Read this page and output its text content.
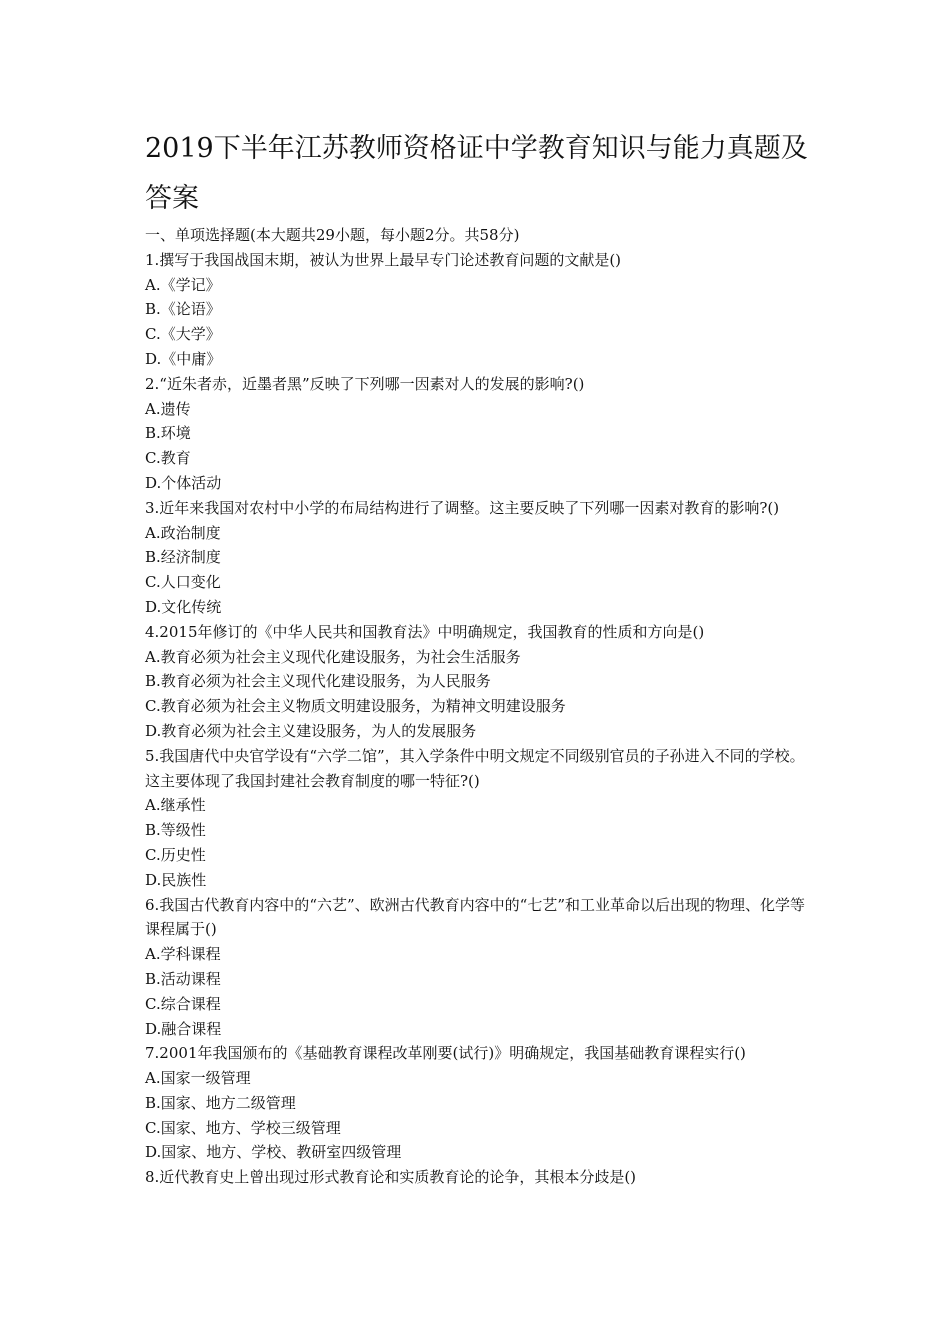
2019下半年江苏教师资格证中学教育知识与能力真题及答案
一、单项选择题(本大题共29小题，每小题2分。共58分)
1.撰写于我国战国末期，被认为世界上最早专门论述教育问题的文献是()
A.《学记》
B.《论语》
C.《大学》
D.《中庸》
2.“近朱者赤，近墨者黑”反映了下列哪一因素对人的发展的影响?()
A.遗传
B.环境
C.教育
D.个体活动
3.近年来我国对农村中小学的布局结构进行了调整。这主要反映了下列哪一因素对教育的影响?()
A.政治制度
B.经济制度
C.人口变化
D.文化传统
4.2015年修订的《中华人民共和国教育法》中明确规定，我国教育的性质和方向是()
A.教育必须为社会主义现代化建设服务，为社会生活服务
B.教育必须为社会主义现代化建设服务，为人民服务
C.教育必须为社会主义物质文明建设服务，为精神文明建设服务
D.教育必须为社会主义建设服务，为人的发展服务
5.我国唐代中央官学设有“六学二馆”，其入学条件中明文规定不同级别官员的子孙进入不同的学校。这主要体现了我国封建社会教育制度的哪一特征?()
A.继承性
B.等级性
C.历史性
D.民族性
6.我国古代教育内容中的“六艺”、欧洲古代教育内容中的“七艺”和工业革命以后出现的物理、化学等课程属于()
A.学科课程
B.活动课程
C.综合课程
D.融合课程
7.2001年我国颁布的《基础教育课程改革刚要(试行)》明确规定，我国基础教育课程实行()
A.国家一级管理
B.国家、地方二级管理
C.国家、地方、学校三级管理
D.国家、地方、学校、教研室四级管理
8.近代教育史上曾出现过形式教育论和实质教育论的论争，其根本分歧是()
